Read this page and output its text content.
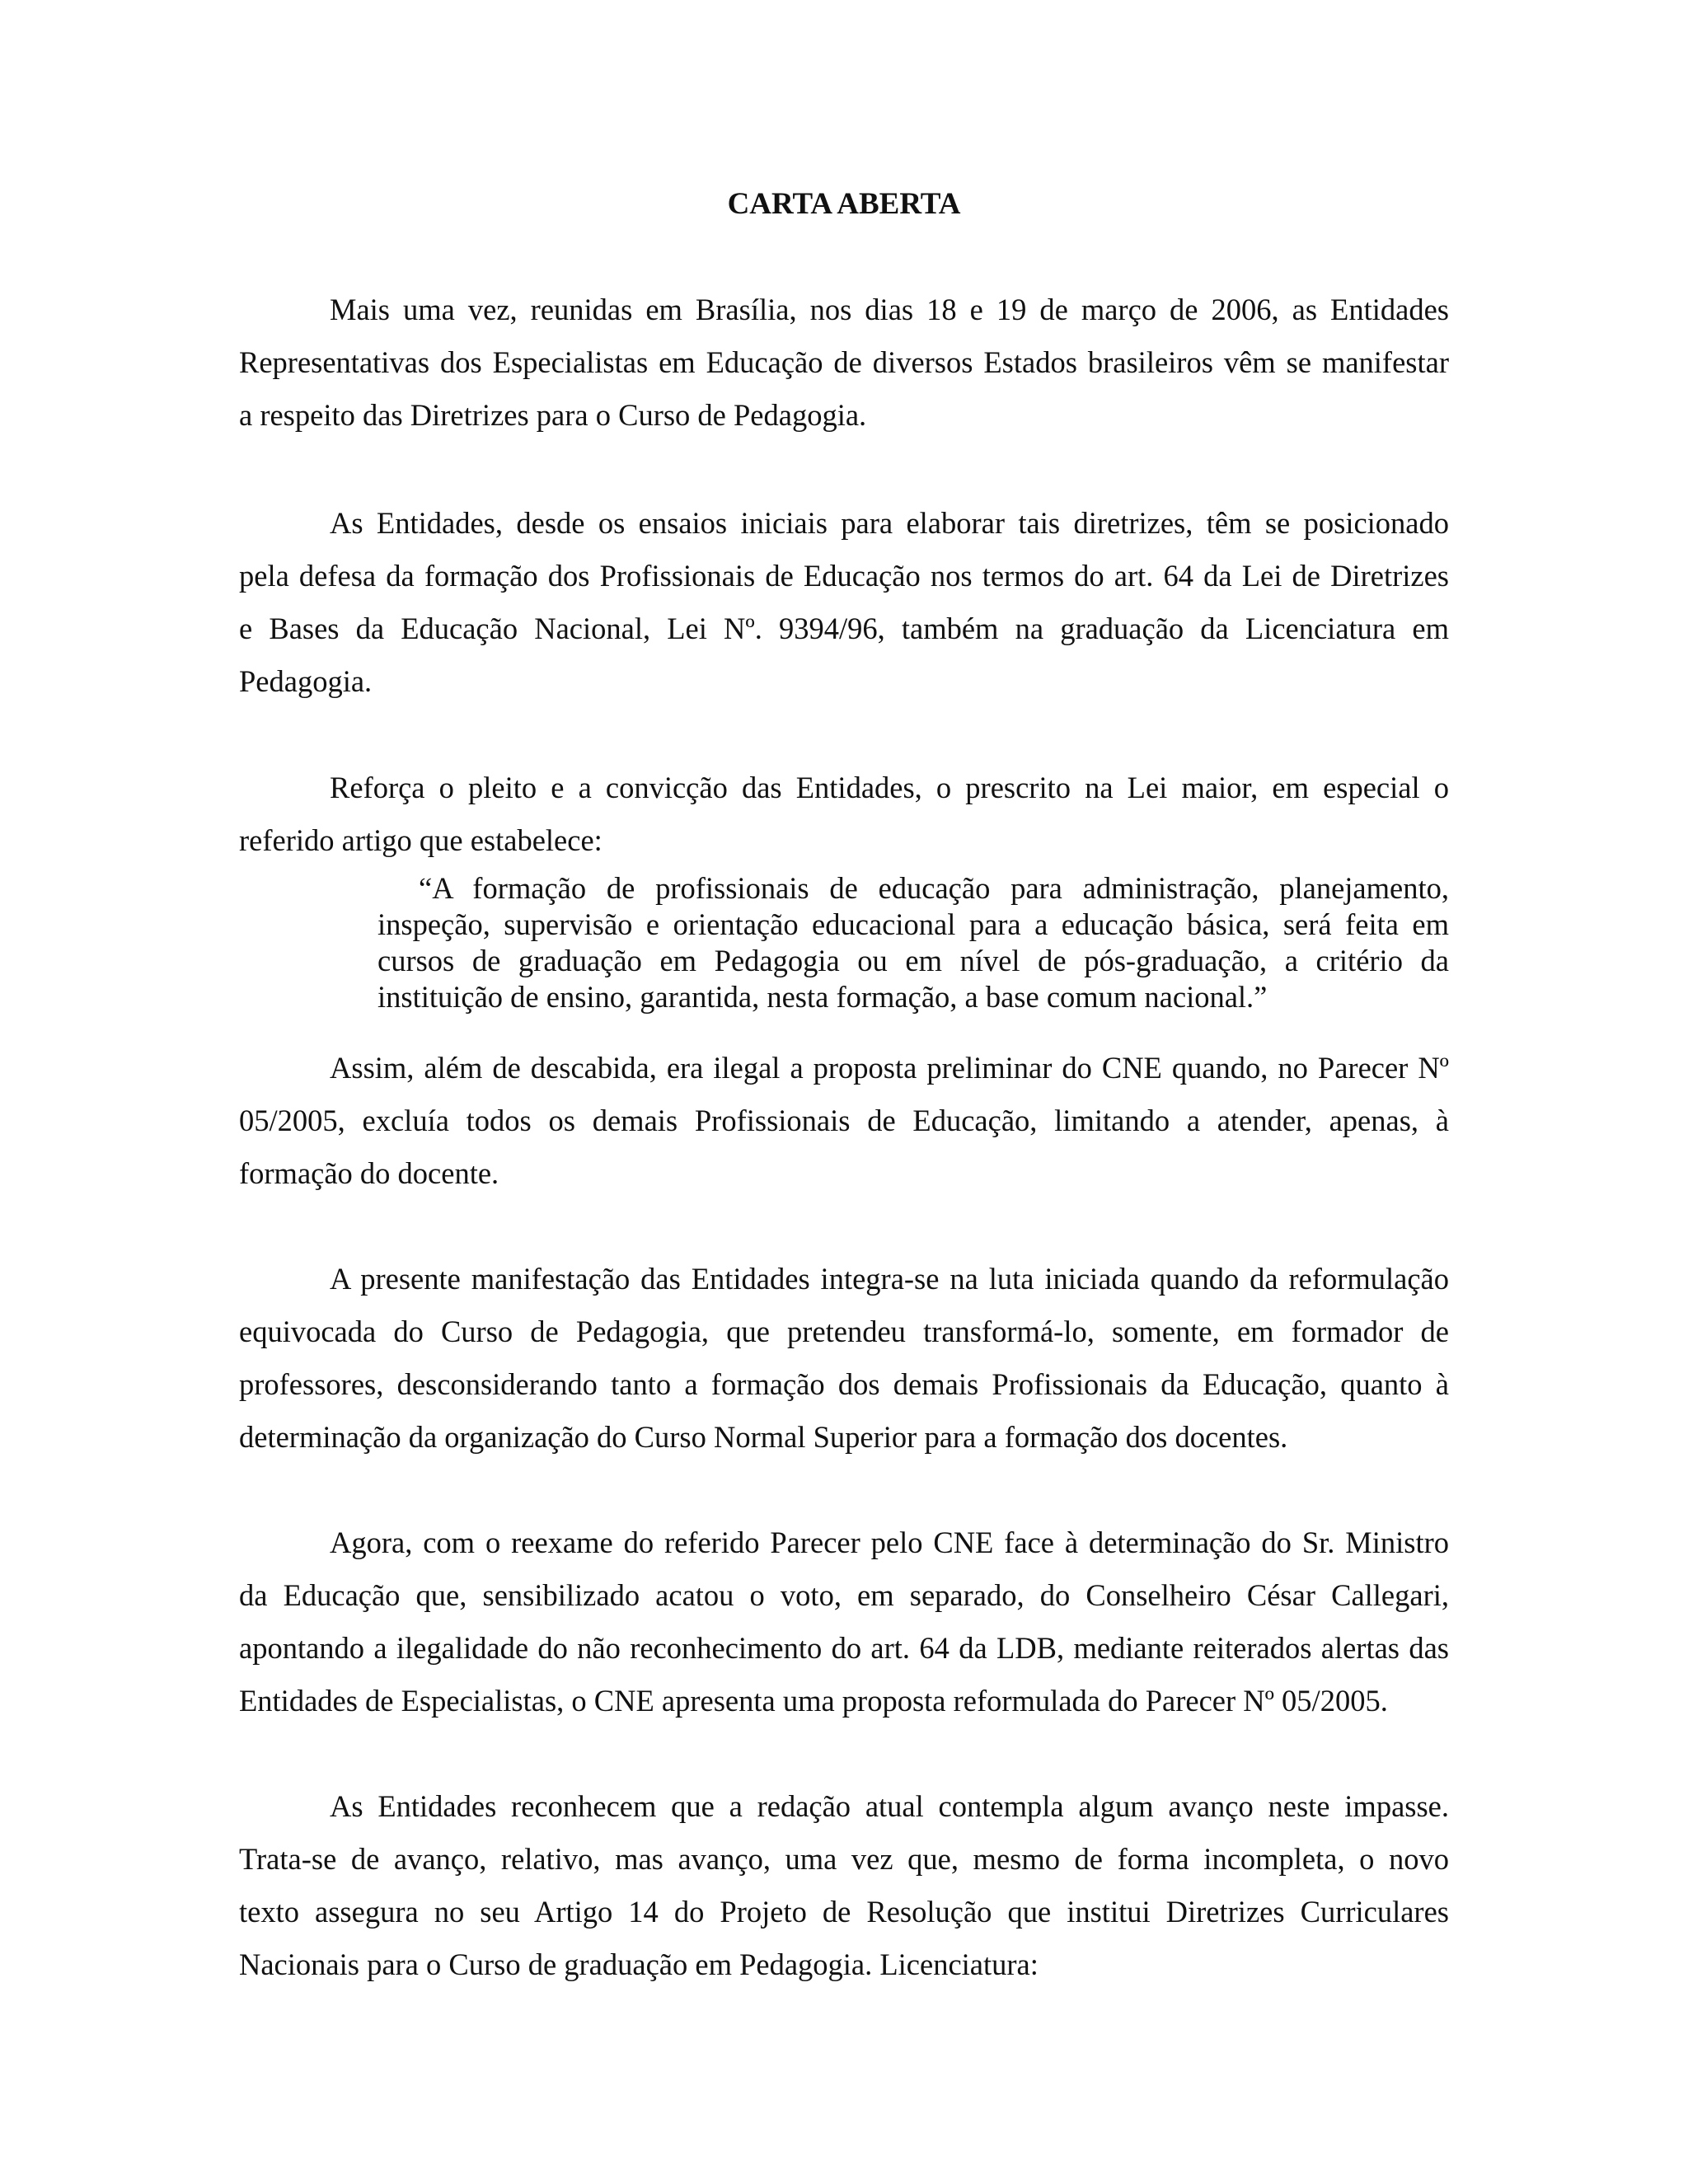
CARTA ABERTA
Mais uma vez, reunidas em Brasília, nos dias 18 e 19 de março de 2006, as Entidades
Representativas dos Especialistas em Educação de diversos Estados brasileiros vêm se manifestar
a respeito das Diretrizes para o Curso de Pedagogia.
As Entidades, desde os ensaios iniciais para elaborar tais diretrizes, têm se posicionado
pela defesa da formação dos Profissionais de Educação nos termos do art. 64 da Lei de Diretrizes
e Bases da Educação Nacional, Lei Nº. 9394/96, também na graduação da Licenciatura em
Pedagogia.
Reforça o pleito e a convicção das Entidades, o prescrito na Lei maior, em especial o
referido artigo que estabelece:
“A formação de profissionais de educação para administração, planejamento,
inspeção, supervisão e orientação educacional para a educação básica, será feita em
cursos de graduação em Pedagogia ou em nível de pós-graduação, a critério da
instituição de ensino, garantida, nesta formação, a base comum nacional.”
Assim, além de descabida, era ilegal a proposta preliminar do CNE quando, no Parecer Nº
05/2005, excluía todos os demais Profissionais de Educação, limitando a atender, apenas, à
formação do docente.
A presente manifestação das Entidades integra-se na luta iniciada quando da reformulação
equivocada do Curso de Pedagogia, que pretendeu transformá-lo, somente, em formador de
professores, desconsiderando tanto a formação dos demais Profissionais da Educação, quanto à
determinação da organização do Curso Normal Superior para a formação dos docentes.
Agora, com o reexame do referido Parecer pelo CNE face à determinação do Sr. Ministro
da Educação que, sensibilizado acatou o voto, em separado, do Conselheiro César Callegari,
apontando a ilegalidade do não reconhecimento do art. 64 da LDB, mediante reiterados alertas das
Entidades de Especialistas, o CNE apresenta uma proposta reformulada do Parecer Nº 05/2005.
As Entidades reconhecem que a redação atual contempla algum avanço neste impasse.
Trata-se de avanço, relativo, mas avanço, uma vez que, mesmo de forma incompleta, o novo
texto assegura no seu Artigo 14 do Projeto de Resolução que institui Diretrizes Curriculares
Nacionais para o Curso de graduação em Pedagogia. Licenciatura:
